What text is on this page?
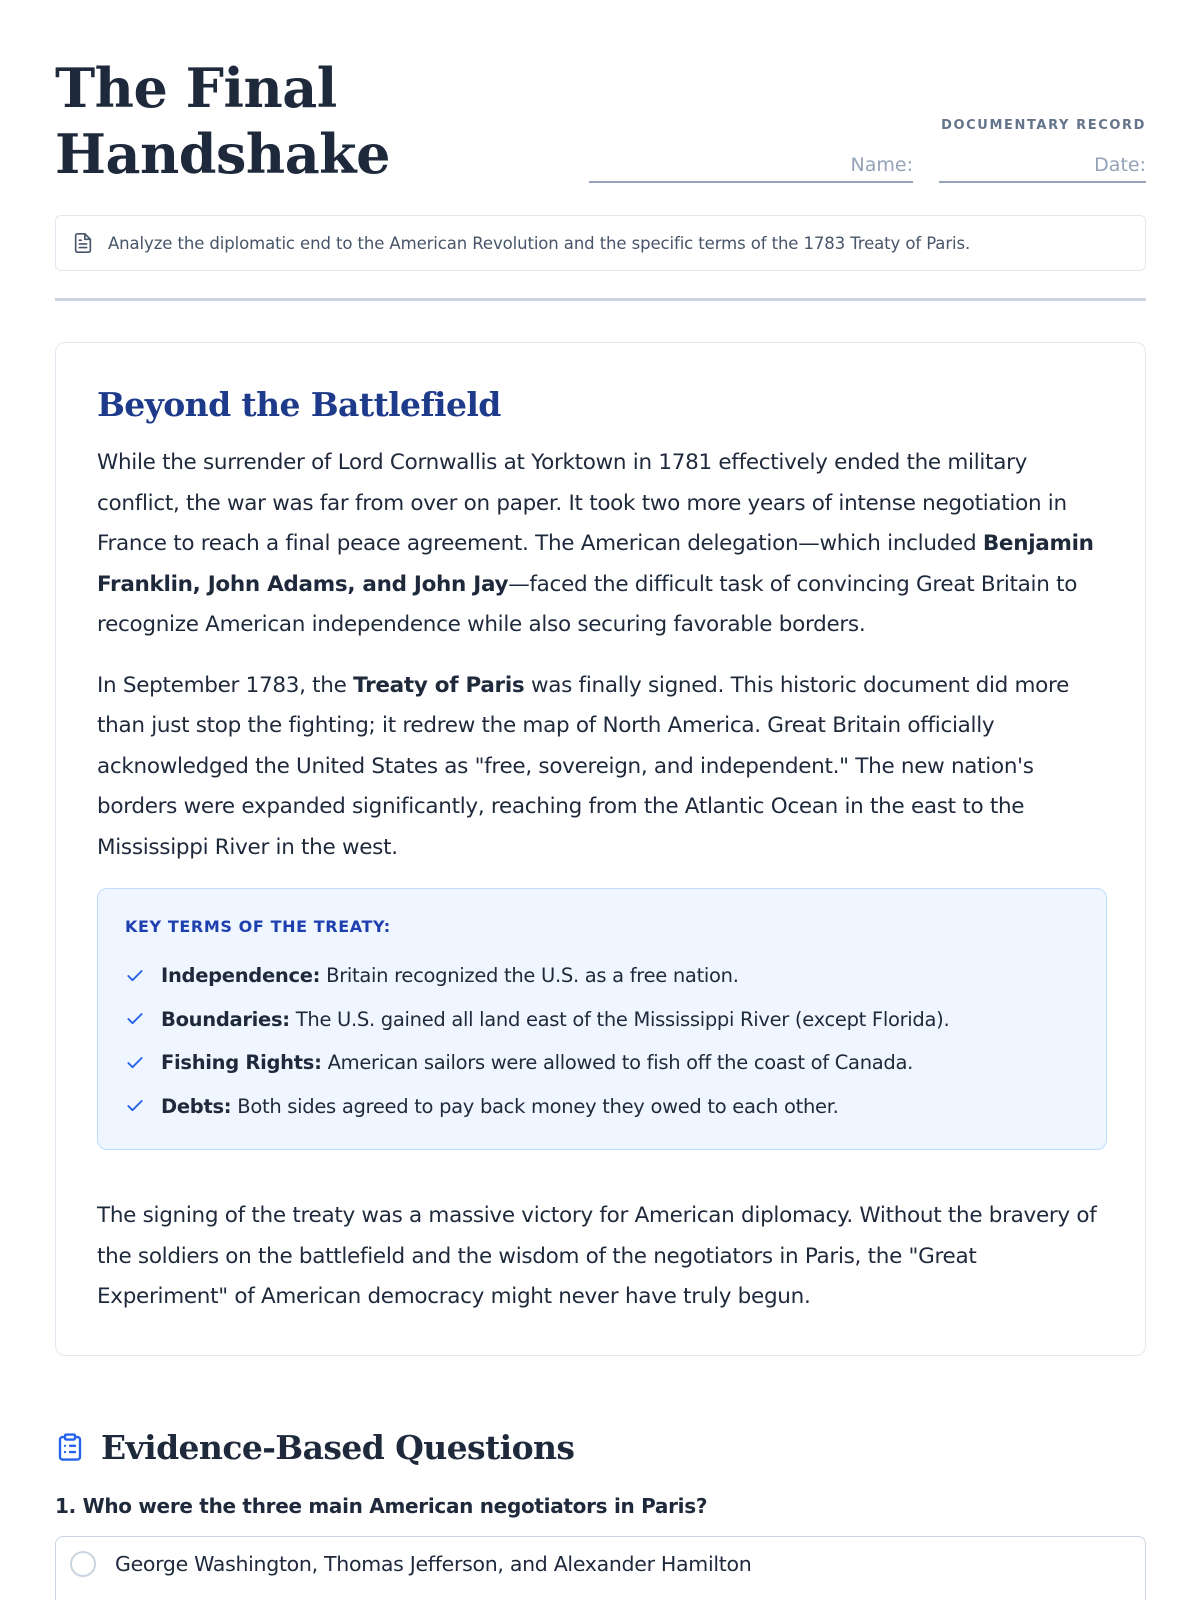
The Final
Handshake	DOCUMENTARY RECORD
Name:	Date:
Analyze the diplomatic end to the American Revolution and the specific terms of the 1783 Treaty of Paris.
Beyond the Battlefield

While the surrender of Lord Cornwallis at Yorktown in 1781 effectively ended the military conflict, the war was far from over on paper. It took two more years of intense negotiation in France to reach a final peace agreement. The American delegation—which included Benjamin Franklin, John Adams, and John Jay—faced the difficult task of convincing Great Britain to recognize American independence while also securing favorable borders.

In September 1783, the Treaty of Paris was finally signed. This historic document did more than just stop the fighting; it redrew the map of North America. Great Britain officially acknowledged the United States as "free, sovereign, and independent." The new nation's borders were expanded significantly, reaching from the Atlantic Ocean in the east to the Mississippi River in the west.

KEY TERMS OF THE TREATY:
Independence: Britain recognized the U.S. as a free nation.
Boundaries: The U.S. gained all land east of the Mississippi River (except Florida).
Fishing Rights: American sailors were allowed to fish off the coast of Canada.
Debts: Both sides agreed to pay back money they owed to each other.

The signing of the treaty was a massive victory for American diplomacy. Without the bravery of the soldiers on the battlefield and the wisdom of the negotiators in Paris, the "Great Experiment" of American democracy might never have truly begun.

Evidence-Based Questions
1. Who were the three main American negotiators in Paris?
George Washington, Thomas Jefferson, and Alexander Hamilton
